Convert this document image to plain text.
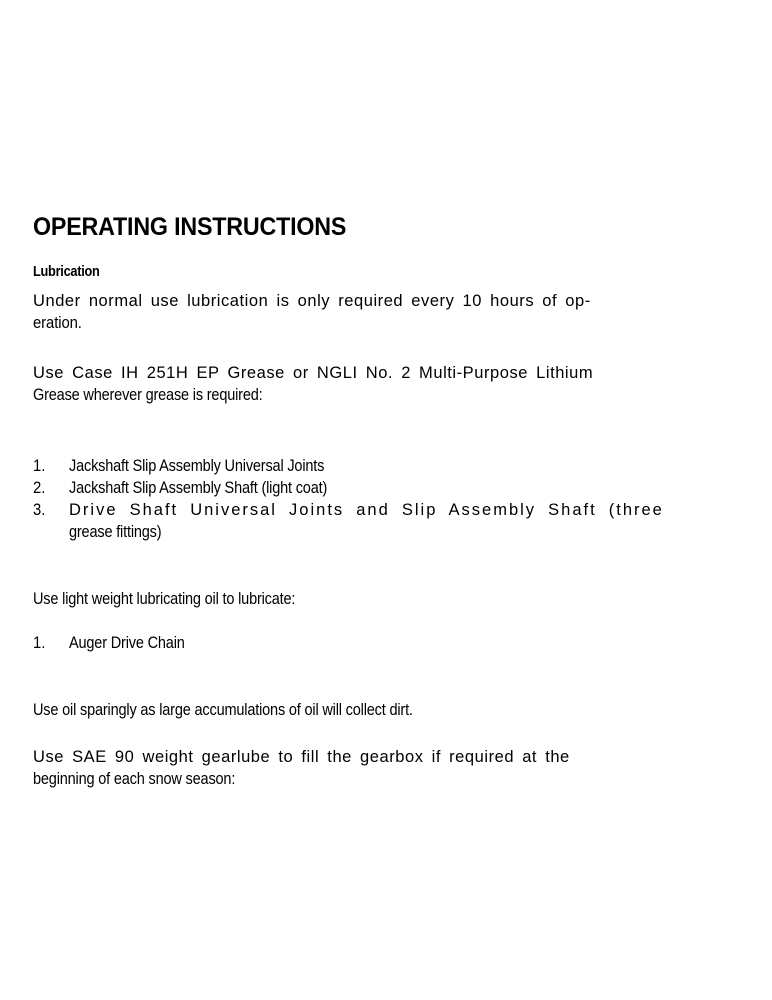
OPERATING INSTRUCTIONS
Lubrication
Under normal use lubrication is only required every 10 hours of op-
eration.
Use Case IH 251H EP Grease or NGLI No. 2 Multi-Purpose Lithium
Grease wherever grease is required:
1.	Jackshaft Slip Assembly Universal Joints
2.	Jackshaft Slip Assembly Shaft (light coat)
3.	Drive Shaft Universal Joints and Slip Assembly Shaft (three
grease fittings)
Use light weight lubricating oil to lubricate:
1.	Auger Drive Chain
Use oil sparingly as large accumulations of oil will collect dirt.
Use SAE 90 weight gearlube to fill the gearbox if required at the
beginning of each snow season:
